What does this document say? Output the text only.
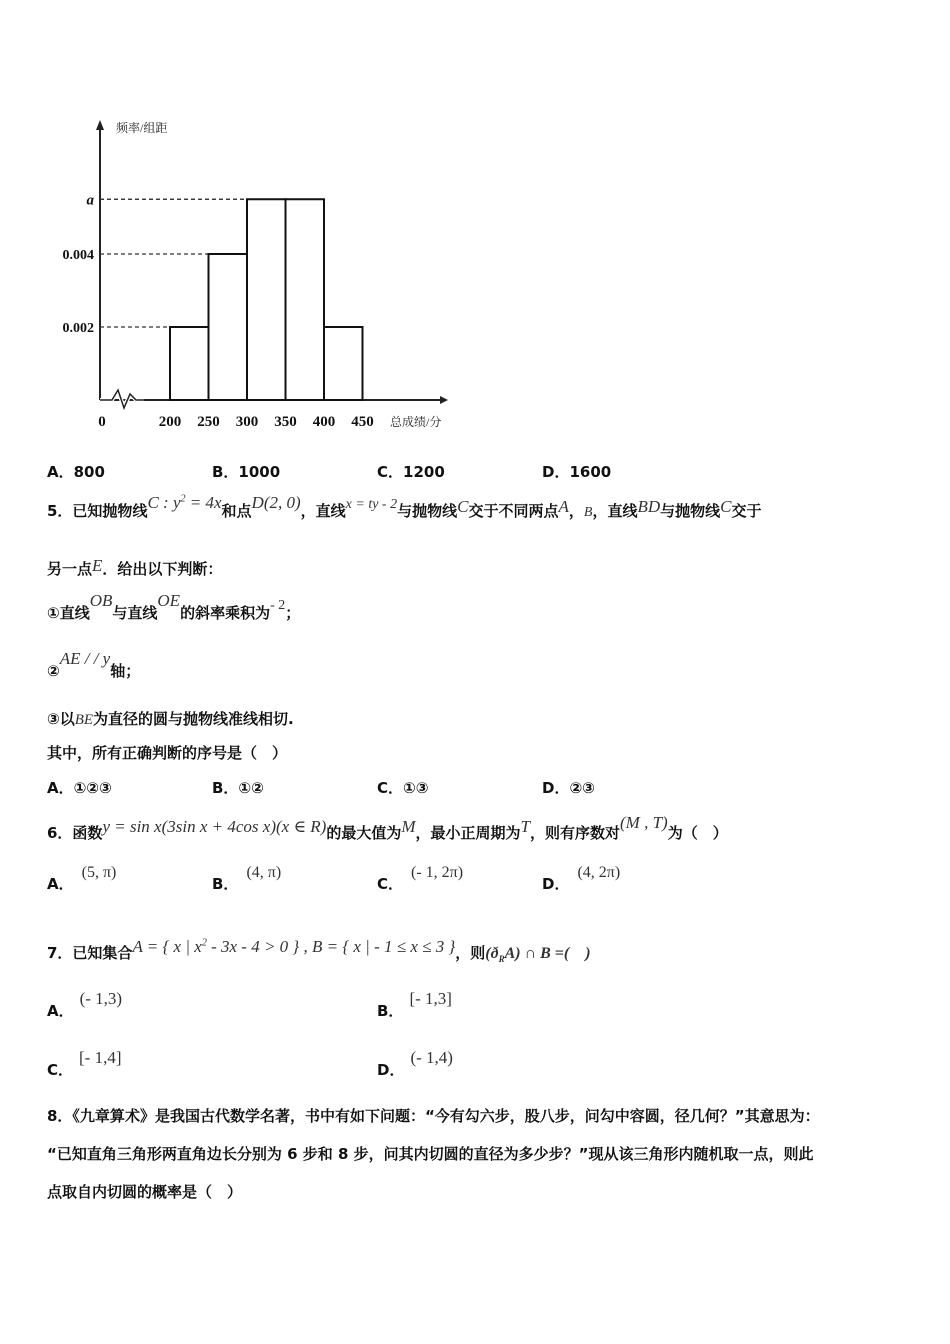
频率/组距
总成绩/分
a
0.004
0.002
0	200 250 300 350 400 450
A．800	B．1000	C．1200	D．1600
5．已知抛物线C : $y^2 = 4x$和点D(2, 0)，直线x = ty - 2与抛物线C交于不同两点A，B，直线BD与抛物线C交于
另一点E．给出以下判断：
①直线OB与直线OE的斜率乘积为- 2；
②AE / / y轴；
③以BE为直径的圆与抛物线准线相切.
其中，所有正确判断的序号是（　）
A．①②③	B．①②	C．①③	D．②③
6．函数y = sin x(3sin x + 4cos x)(x ∈ R)的最大值为M，最小正周期为T，则有序数对(M , T)为（　）
A．(5, π)
B．(4, π)
C．(- 1, 2π)
D．(4, 2π)
7．已知集合A = { x | $x^2 - 3x - 4 > 0$ } , B = { x | - 1 ≤ x ≤ 3 }，则$(ð_RA)$ ∩ B =(　)
A．(- 1,3)
B．[- 1,3]
C．[- 1,4]
D．(- 1,4)
8．《九章算术》是我国古代数学名著，书中有如下问题：“今有勾六步，股八步，问勾中容圆，径几何？”其意思为：
“已知直角三角形两直角边长分别为 6 步和 8 步，问其内切圆的直径为多少步？”现从该三角形内随机取一点，则此
点取自内切圆的概率是（　）
